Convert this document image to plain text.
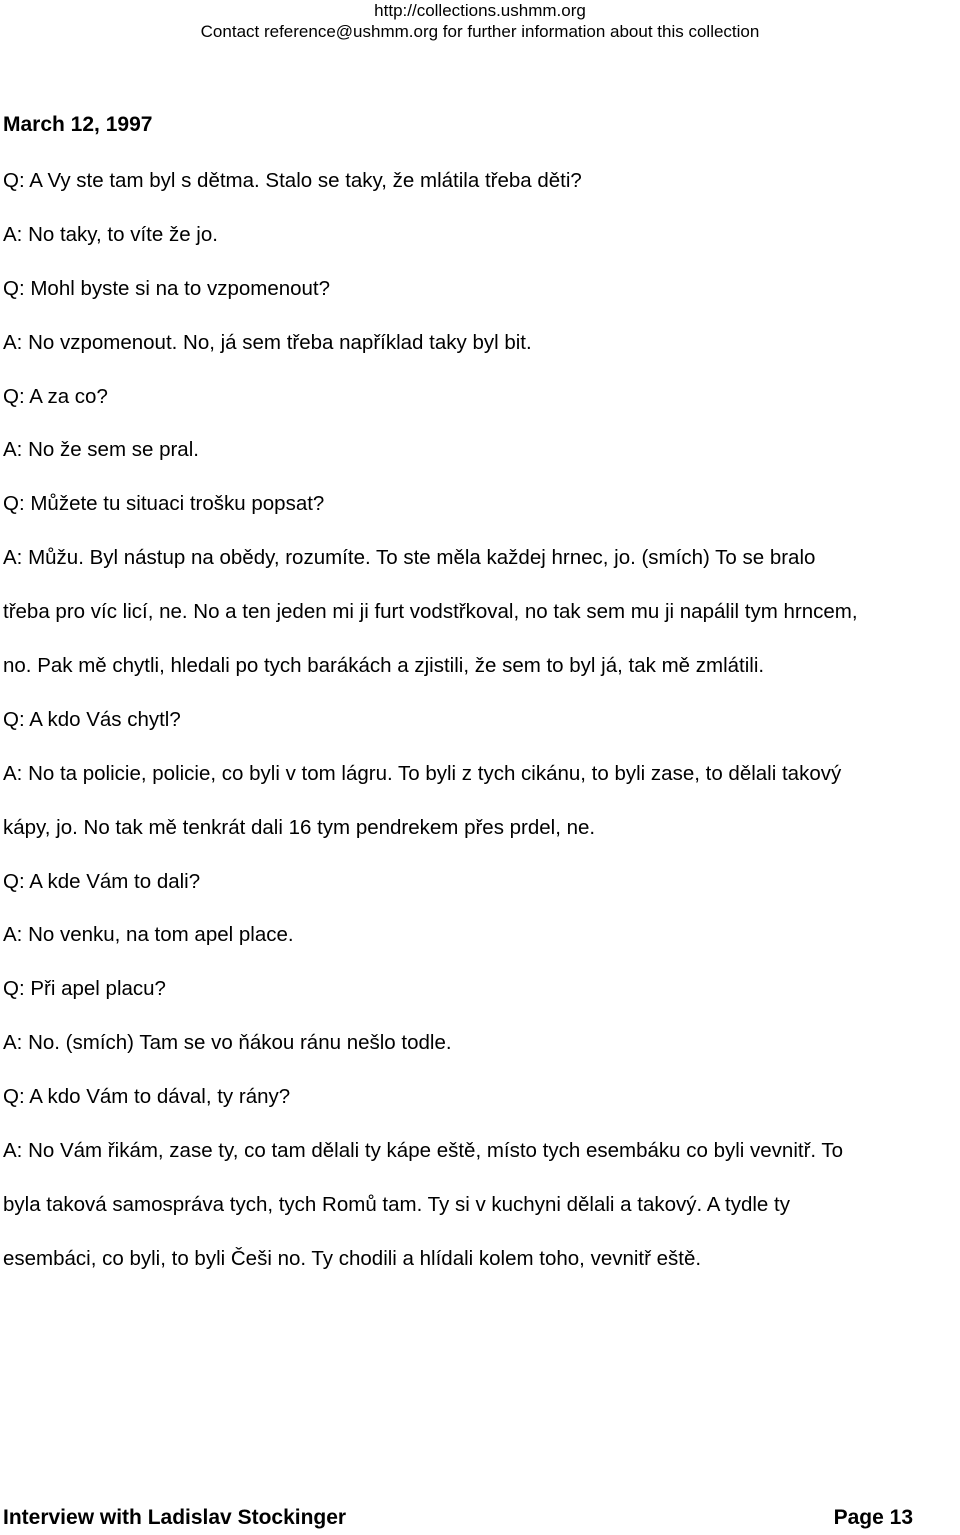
http://collections.ushmm.org
Contact reference@ushmm.org for further information about this collection
March 12, 1997
Q: A Vy ste tam byl s dětma. Stalo se taky, že mlátila třeba děti?
A: No taky, to víte že jo.
Q: Mohl byste si na to vzpomenout?
A: No vzpomenout. No, já sem třeba například taky byl bit.
Q: A za co?
A: No že sem se pral.
Q: Můžete tu situaci trošku popsat?
A: Můžu. Byl nástup na obědy, rozumíte. To ste měla každej hrnec, jo. (smích) To se bralo
třeba pro víc licí, ne. No a ten jeden mi ji furt vodstřkoval, no tak sem mu ji napálil tym hrncem,
no. Pak mě chytli, hledali po tych barákách a zjistili, že sem to byl já, tak mě zmlátili.
Q: A kdo Vás chytl?
A: No ta policie, policie, co byli v tom lágru. To byli z tych cikánu, to byli zase, to dělali takový
kápy, jo. No tak mě tenkrát dali 16 tym pendrekem přes prdel, ne.
Q: A kde Vám to dali?
A: No venku, na tom apel place.
Q: Při apel placu?
A: No. (smích) Tam se vo ňákou ránu nešlo todle.
Q: A kdo Vám to dával, ty rány?
A: No Vám řikám, zase ty, co tam dělali ty kápe eště, místo tych esembáku co byli vevnitř. To
byla taková samospráva tych, tych Romů tam. Ty si v kuchyni dělali a takový. A tydle ty
esembáci, co byli, to byli Češi no. Ty chodili a hlídali kolem toho, vevnitř eště.
Interview with Ladislav Stockinger	Page 13
